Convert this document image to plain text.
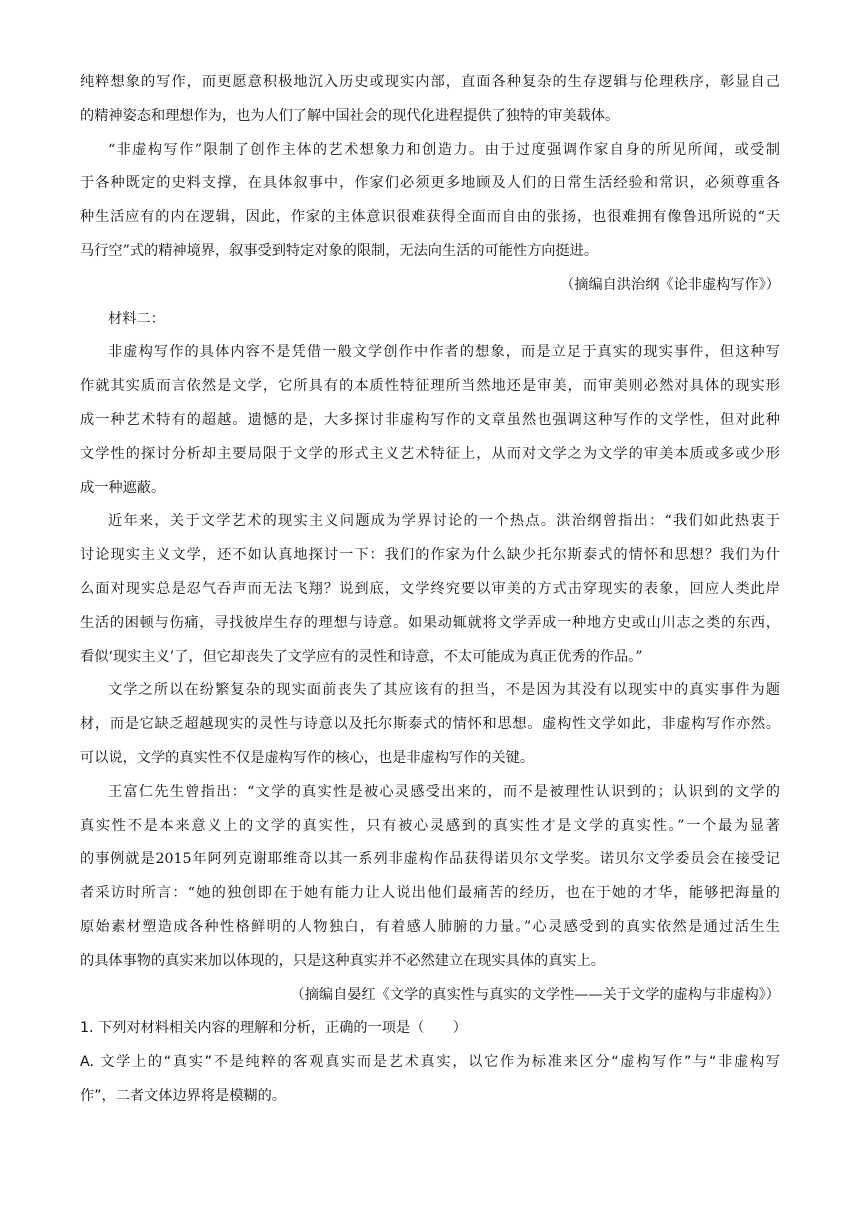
纯粹想象的写作，而更愿意积极地沉入历史或现实内部，直面各种复杂的生存逻辑与伦理秩序，彰显自己
的精神姿态和理想作为，也为人们了解中国社会的现代化进程提供了独特的审美载体。
“非虚构写作”限制了创作主体的艺术想象力和创造力。由于过度强调作家自身的所见所闻，或受制
于各种既定的史料支撑，在具体叙事中，作家们必须更多地顾及人们的日常生活经验和常识，必须尊重各
种生活应有的内在逻辑，因此，作家的主体意识很难获得全面而自由的张扬，也很难拥有像鲁迅所说的“天
马行空”式的精神境界，叙事受到特定对象的限制，无法向生活的可能性方向挺进。
（摘编自洪治纲《论非虚构写作》）
材料二：
非虚构写作的具体内容不是凭借一般文学创作中作者的想象，而是立足于真实的现实事件，但这种写
作就其实质而言依然是文学，它所具有的本质性特征理所当然地还是审美，而审美则必然对具体的现实形
成一种艺术特有的超越。遗憾的是，大多探讨非虚构写作的文章虽然也强调这种写作的文学性，但对此种
文学性的探讨分析却主要局限于文学的形式主义艺术特征上，从而对文学之为文学的审美本质或多或少形
成一种遮蔽。
近年来，关于文学艺术的现实主义问题成为学界讨论的一个热点。洪治纲曾指出：“我们如此热衷于
讨论现实主义文学，还不如认真地探讨一下：我们的作家为什么缺少托尔斯泰式的情怀和思想？我们为什
么面对现实总是忍气吞声而无法飞翔？说到底，文学终究要以审美的方式击穿现实的表象，回应人类此岸
生活的困顿与伤痛，寻找彼岸生存的理想与诗意。如果动辄就将文学弄成一种地方史或山川志之类的东西，
看似‘现实主义’了，但它却丧失了文学应有的灵性和诗意，不太可能成为真正优秀的作品。”
文学之所以在纷繁复杂的现实面前丧失了其应该有的担当，不是因为其没有以现实中的真实事件为题
材，而是它缺乏超越现实的灵性与诗意以及托尔斯泰式的情怀和思想。虚构性文学如此，非虚构写作亦然。
可以说，文学的真实性不仅是虚构写作的核心，也是非虚构写作的关键。
王富仁先生曾指出：“文学的真实性是被心灵感受出来的，而不是被理性认识到的；认识到的文学的
真实性不是本来意义上的文学的真实性，只有被心灵感到的真实性才是文学的真实性。”一个最为显著
的事例就是2015年阿列克谢耶维奇以其一系列非虚构作品获得诺贝尔文学奖。诺贝尔文学委员会在接受记
者采访时所言：“她的独创即在于她有能力让人说出他们最痛苦的经历，也在于她的才华，能够把海量的
原始素材塑造成各种性格鲜明的人物独白，有着感人肺腑的力量。”心灵感受到的真实依然是通过活生生
的具体事物的真实来加以体现的，只是这种真实并不必然建立在现实具体的真实上。
（摘编自晏红《文学的真实性与真实的文学性——关于文学的虚构与非虚构》）
1. 下列对材料相关内容的理解和分析，正确的一项是（　　）
A. 文学上的“真实”不是纯粹的客观真实而是艺术真实，以它作为标准来区分“虚构写作”与“非虚构写
作”，二者文体边界将是模糊的。
